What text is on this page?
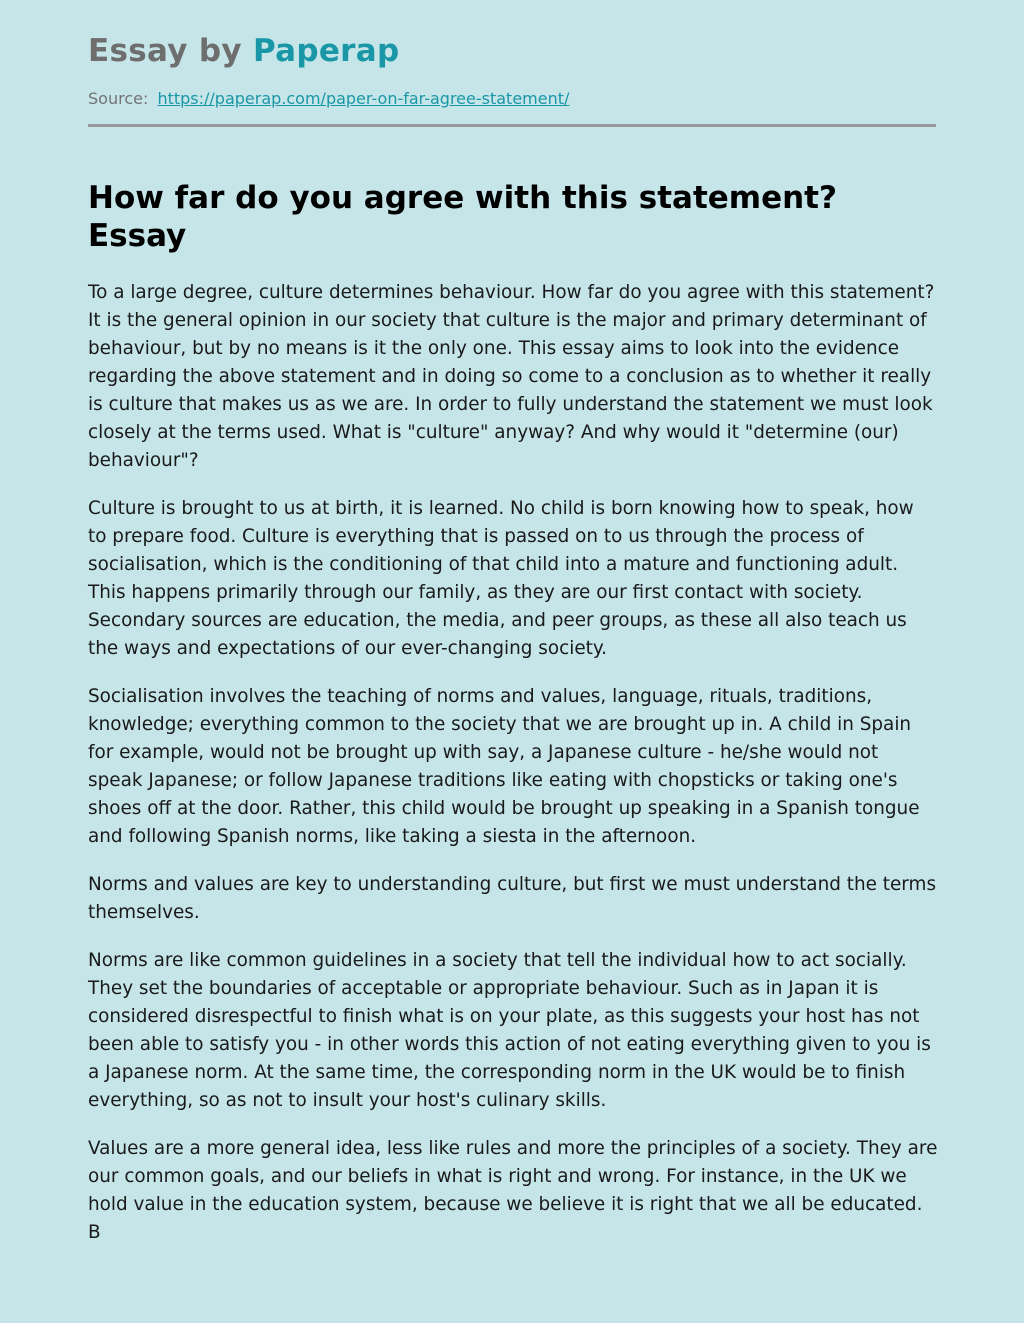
Essay by Paperap
Source: https://paperap.com/paper-on-far-agree-statement/
How far do you agree with this statement? Essay

To a large degree, culture determines behaviour. How far do you agree with this statement? It is the general opinion in our society that culture is the major and primary determinant of behaviour, but by no means is it the only one. This essay aims to look into the evidence regarding the above statement and in doing so come to a conclusion as to whether it really is culture that makes us as we are. In order to fully understand the statement we must look closely at the terms used. What is "culture" anyway? And why would it "determine (our) behaviour"?

Culture is brought to us at birth, it is learned. No child is born knowing how to speak, how to prepare food. Culture is everything that is passed on to us through the process of socialisation, which is the conditioning of that child into a mature and functioning adult. This happens primarily through our family, as they are our first contact with society. Secondary sources are education, the media, and peer groups, as these all also teach us the ways and expectations of our ever-changing society.

Socialisation involves the teaching of norms and values, language, rituals, traditions, knowledge; everything common to the society that we are brought up in. A child in Spain for example, would not be brought up with say, a Japanese culture - he/she would not speak Japanese; or follow Japanese traditions like eating with chopsticks or taking one's shoes off at the door. Rather, this child would be brought up speaking in a Spanish tongue and following Spanish norms, like taking a siesta in the afternoon.

Norms and values are key to understanding culture, but first we must understand the terms themselves.

Norms are like common guidelines in a society that tell the individual how to act socially. They set the boundaries of acceptable or appropriate behaviour. Such as in Japan it is considered disrespectful to finish what is on your plate, as this suggests your host has not been able to satisfy you - in other words this action of not eating everything given to you is a Japanese norm. At the same time, the corresponding norm in the UK would be to finish everything, so as not to insult your host's culinary skills.

Values are a more general idea, less like rules and more the principles of a society. They are our common goals, and our beliefs in what is right and wrong. For instance, in the UK we hold value in the education system, because we believe it is right that we all be educated. B
